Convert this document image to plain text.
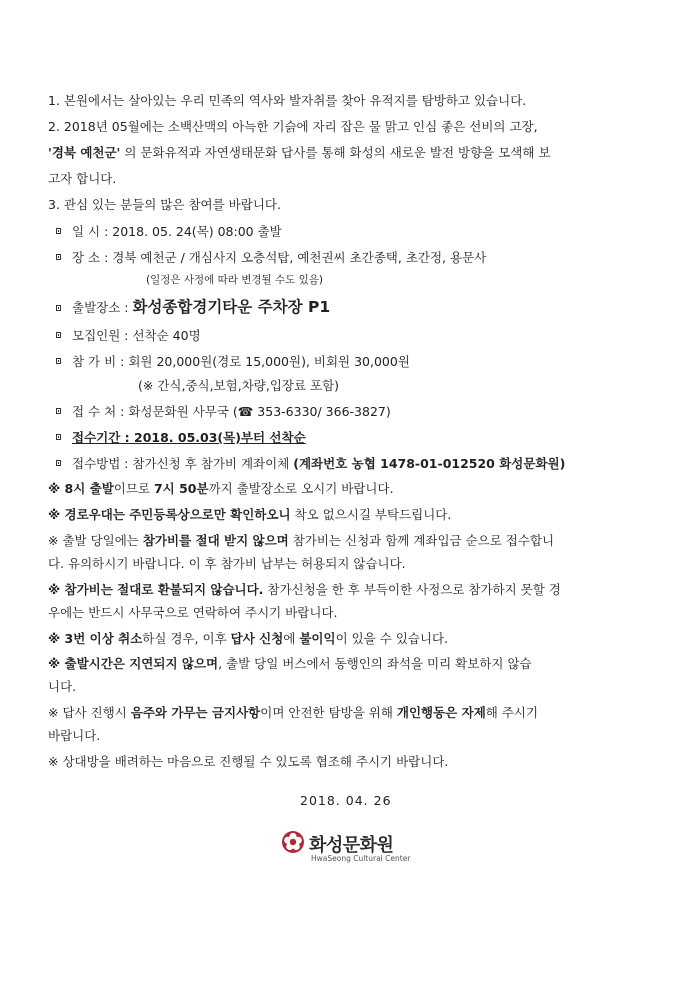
1. 본원에서는 살아있는 우리 민족의 역사와 발자취를 찾아 유적지를 탐방하고 있습니다.
2. 2018년 05월에는 소백산맥의 아늑한 기슭에 자리 잡은 물 맑고 인심 좋은 선비의 고장,
'경북 예천군' 의 문화유적과 자연생태문화 답사를 통해 화성의 새로운 발전 방향을 모색해 보
고자 합니다.
3. 관심 있는 분들의 많은 참여를 바랍니다.
일 시 : 2018. 05. 24(목) 08:00 출발
장 소 : 경북 예천군 / 개심사지 오층석탑, 예천권씨 초간종택, 초간정, 용문사
(일정은 사정에 따라 변경될 수도 있음)
출발장소 : 화성종합경기타운 주차장 P1
모집인원 : 선착순 40명
참 가 비 : 회원 20,000원(경로 15,000원), 비회원 30,000원
(※ 간식,중식,보험,차량,입장료 포함)
접 수 처 : 화성문화원 사무국 (☎ 353-6330/ 366-3827)
접수기간 : 2018. 05.03(목)부터 선착순
접수방법 : 참가신청 후 참가비 계좌이체 (계좌번호 농협 1478-01-012520 화성문화원)
※ 8시 출발이므로 7시 50분까지 출발장소로 오시기 바랍니다.
※ 경로우대는 주민등록상으로만 확인하오니 착오 없으시길 부탁드립니다.
※ 출발 당일에는 참가비를 절대 받지 않으며 참가비는 신청과 함께 계좌입금 순으로 접수합니
다. 유의하시기 바랍니다. 이 후 참가비 납부는 허용되지 않습니다.
※ 참가비는 절대로 환불되지 않습니다. 참가신청을 한 후 부득이한 사정으로 참가하지 못할 경
우에는 반드시 사무국으로 연락하여 주시기 바랍니다.
※ 3번 이상 취소하실 경우, 이후 답사 신청에 불이익이 있을 수 있습니다.
※ 출발시간은 지연되지 않으며, 출발 당일 버스에서 동행인의 좌석을 미리 확보하지 않습
니다.
※ 답사 진행시 음주와 가무는 금지사항이며 안전한 탐방을 위해 개인행동은 자제해 주시기
바랍니다.
※ 상대방을 배려하는 마음으로 진행될 수 있도록 협조해 주시기 바랍니다.
2018. 04. 26
화성문화원
HwaSeong Cultural Center
